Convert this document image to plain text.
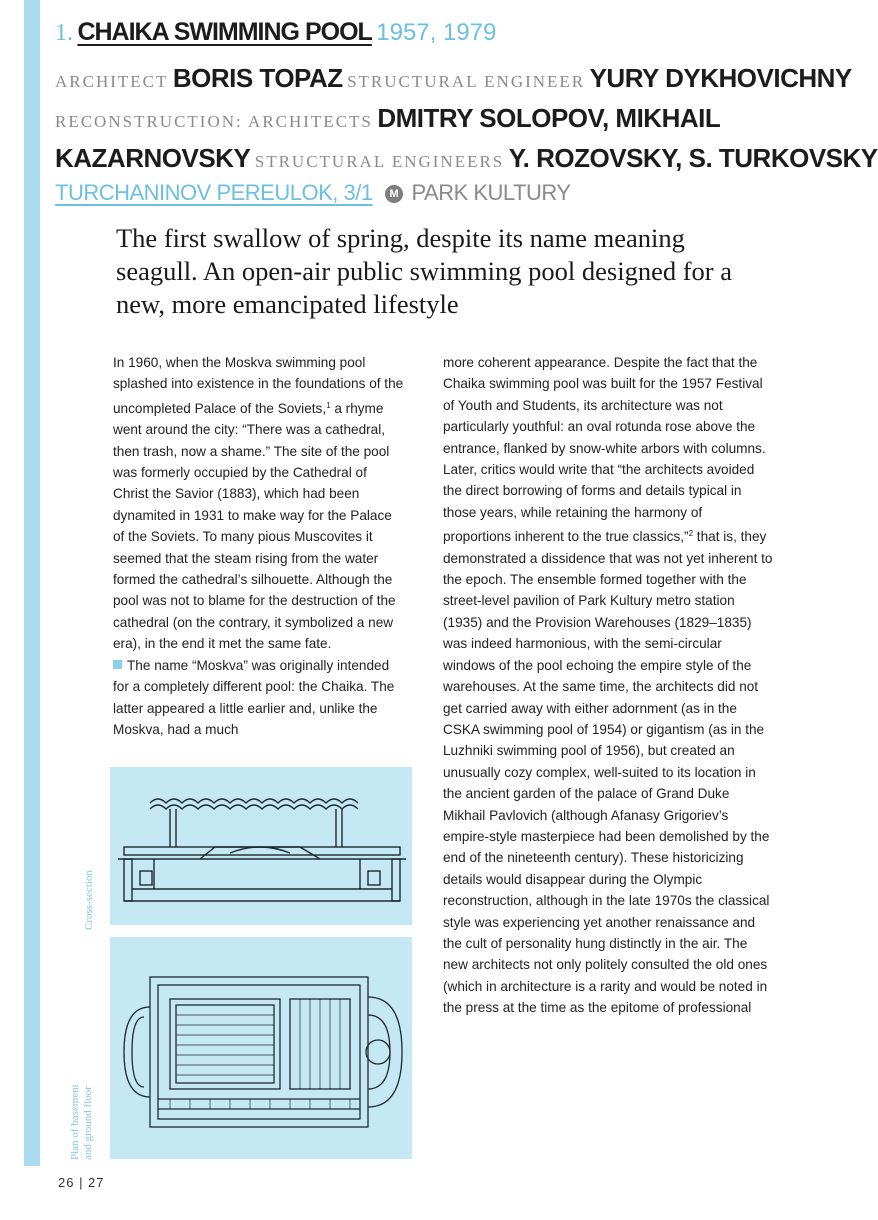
1. CHAIKA SWIMMING POOL 1957, 1979
ARCHITECT BORIS TOPAZ STRUCTURAL ENGINEER YURY DYKHOVICHNY
RECONSTRUCTION: ARCHITECTS DMITRY SOLOPOV, MIKHAIL
KAZARNOVSKY STRUCTURAL ENGINEERS Y. ROZOVSKY, S. TURKOVSKY
TURCHANINOV PEREULOK, 3/1 M PARK KULTURY
The first swallow of spring, despite its name meaning seagull. An open-air public swimming pool designed for a new, more emancipated lifestyle

In 1960, when the Moskva swimming pool splashed into existence in the foundations of the uncompleted Palace of the Soviets,$^1$ a rhyme went around the city: “There was a cathedral, then trash, now a shame.” The site of the pool was formerly occupied by the Cathedral of Christ the Savior (1883), which had been dynamited in 1931 to make way for the Palace of the Soviets. To many pious Muscovites it seemed that the steam rising from the water formed the cathedral’s silhouette. Although the pool was not to blame for the destruction of the cathedral (on the contrary, it symbolized a new era), in the end it met the same fate.

The name “Moskva” was originally intended for a completely different pool: the Chaika. The latter appeared a little earlier and, unlike the Moskva, had a much

more coherent appearance. Despite the fact that the Chaika swimming pool was built for the 1957 Festival of Youth and Students, its architecture was not particularly youthful: an oval rotunda rose above the entrance, flanked by snow-white arbors with columns. Later, critics would write that “the architects avoided the direct borrowing of forms and details typical in those years, while retaining the harmony of proportions inherent to the true classics,”$^2$ that is, they demonstrated a dissidence that was not yet inherent to the epoch. The ensemble formed together with the street-level pavilion of Park Kultury metro station (1935) and the Provision Warehouses (1829–1835) was indeed harmonious, with the semi-circular windows of the pool echoing the empire style of the warehouses. At the same time, the architects did not get carried away with either adornment (as in the CSKA swimming pool of 1954) or gigantism (as in the Luzhniki swimming pool of 1956), but created an unusually cozy complex, well-suited to its location in the ancient garden of the palace of Grand Duke Mikhail Pavlovich (although Afanasy Grigoriev’s empire-style masterpiece had been demolished by the end of the nineteenth century). These historicizing details would disappear during the Olympic reconstruction, although in the late 1970s the classical style was experiencing yet another renaissance and the cult of personality hung distinctly in the air. The new architects not only politely consulted the old ones (which in architecture is a rarity and would be noted in the press at the time as the epitome of professional

Cross-section
Plan of basement and ground floor
26 | 27
